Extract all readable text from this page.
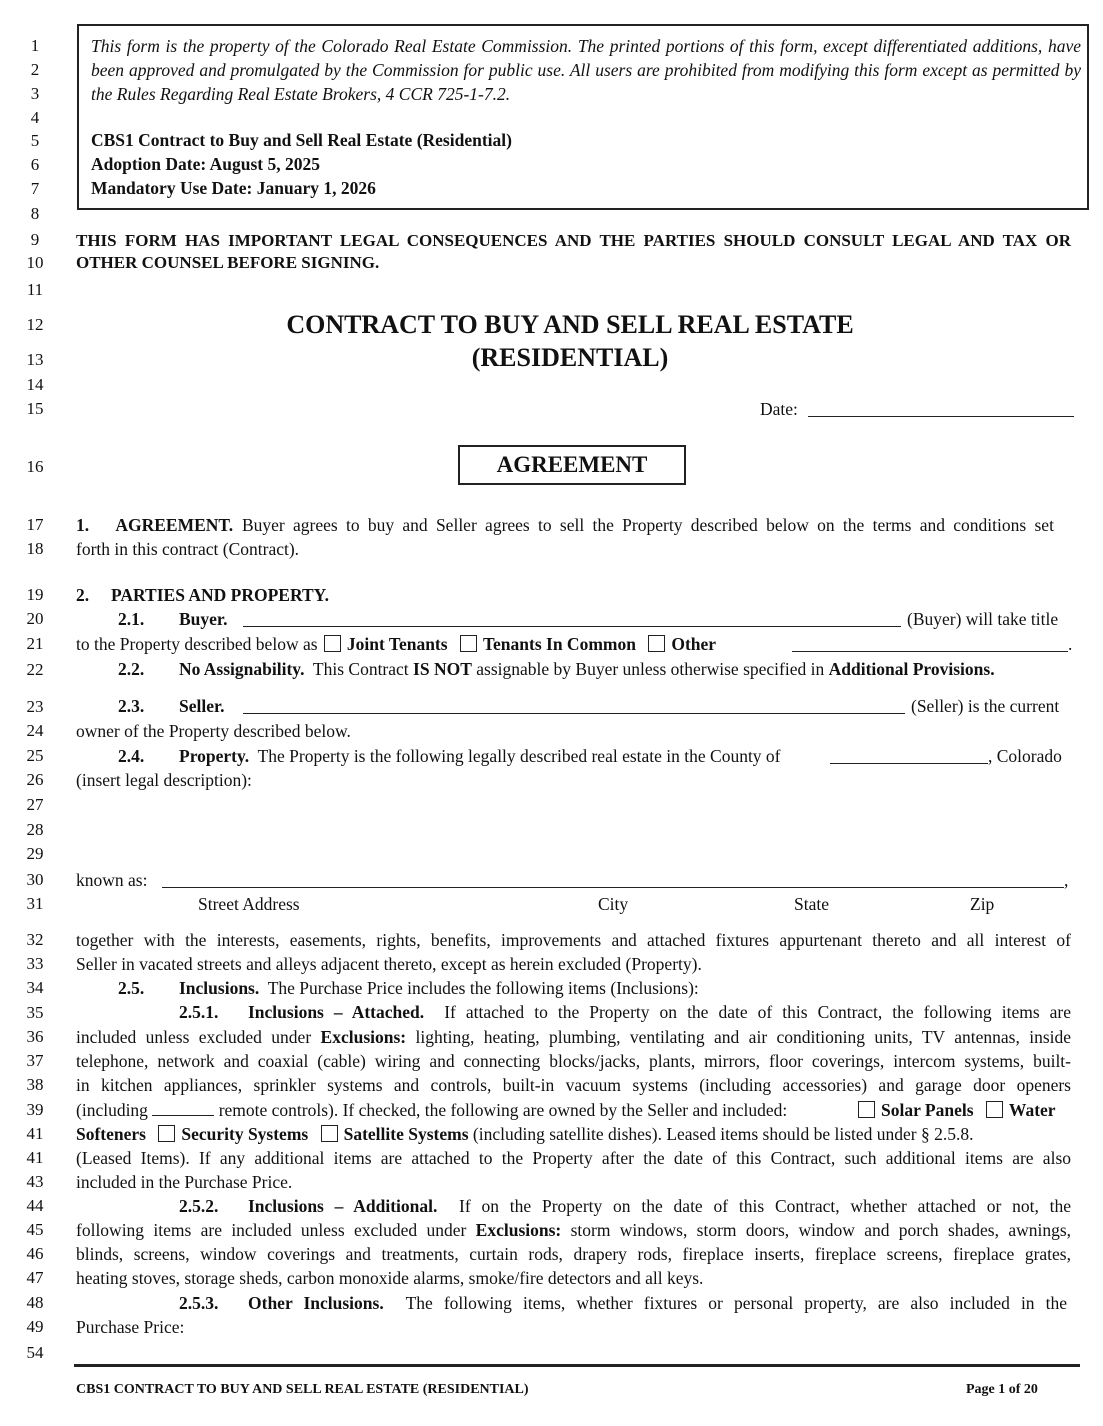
1
2
3
4
5
6
7
8
9
10
11
12
13
14
15
16
17
18
19
20
21
22
23
24
25
26
27
28
29
30
31
32
33
34
35
36
37
38
39
41
41
43
44
45
46
47
48
49
54
This form is the property of the Colorado Real Estate Commission. The printed portions of this form, except differentiated additions, have
been approved and promulgated by the Commission for public use. All users are prohibited from modifying this form except as permitted by
the Rules Regarding Real Estate Brokers, 4 CCR 725-1-7.2.
CBS1 Contract to Buy and Sell Real Estate (Residential)
Adoption Date: August 5, 2025
Mandatory Use Date: January 1, 2026
THIS FORM HAS IMPORTANT LEGAL CONSEQUENCES AND THE PARTIES SHOULD CONSULT LEGAL AND TAX OR
OTHER COUNSEL BEFORE SIGNING.
CONTRACT TO BUY AND SELL REAL ESTATE
(RESIDENTIAL)
Date:
AGREEMENT
1. AGREEMENT. Buyer agrees to buy and Seller agrees to sell the Property described below on the terms and conditions set
forth in this contract (Contract).
2. PARTIES AND PROPERTY.
2.1. Buyer.	(Buyer) will take title
to the Property described below as Joint Tenants Tenants In Common Other	.
2.2. No Assignability. This Contract IS NOT assignable by Buyer unless otherwise specified in Additional Provisions.
2.3. Seller.	(Seller) is the current
owner of the Property described below.
2.4. Property. The Property is the following legally described real estate in the County of	, Colorado
(insert legal description):
known as:	,
Street Address	City	State	Zip
together with the interests, easements, rights, benefits, improvements and attached fixtures appurtenant thereto and all interest of
Seller in vacated streets and alleys adjacent thereto, except as herein excluded (Property).
2.5. Inclusions. The Purchase Price includes the following items (Inclusions):
2.5.1. Inclusions – Attached. If attached to the Property on the date of this Contract, the following items are
included unless excluded under Exclusions: lighting, heating, plumbing, ventilating and air conditioning units, TV antennas, inside
telephone, network and coaxial (cable) wiring and connecting blocks/jacks, plants, mirrors, floor coverings, intercom systems, built-
in kitchen appliances, sprinkler systems and controls, built-in vacuum systems (including accessories) and garage door openers
(including	remote controls). If checked, the following are owned by the Seller and included:	Solar Panels Water
Softeners Security Systems Satellite Systems (including satellite dishes). Leased items should be listed under § 2.5.8.
(Leased Items). If any additional items are attached to the Property after the date of this Contract, such additional items are also
included in the Purchase Price.
2.5.2. Inclusions – Additional. If on the Property on the date of this Contract, whether attached or not, the
following items are included unless excluded under Exclusions: storm windows, storm doors, window and porch shades, awnings,
blinds, screens, window coverings and treatments, curtain rods, drapery rods, fireplace inserts, fireplace screens, fireplace grates,
heating stoves, storage sheds, carbon monoxide alarms, smoke/fire detectors and all keys.
2.5.3. Other Inclusions. The following items, whether fixtures or personal property, are also included in the
Purchase Price:
CBS1 CONTRACT TO BUY AND SELL REAL ESTATE (RESIDENTIAL)	Page 1 of 20
